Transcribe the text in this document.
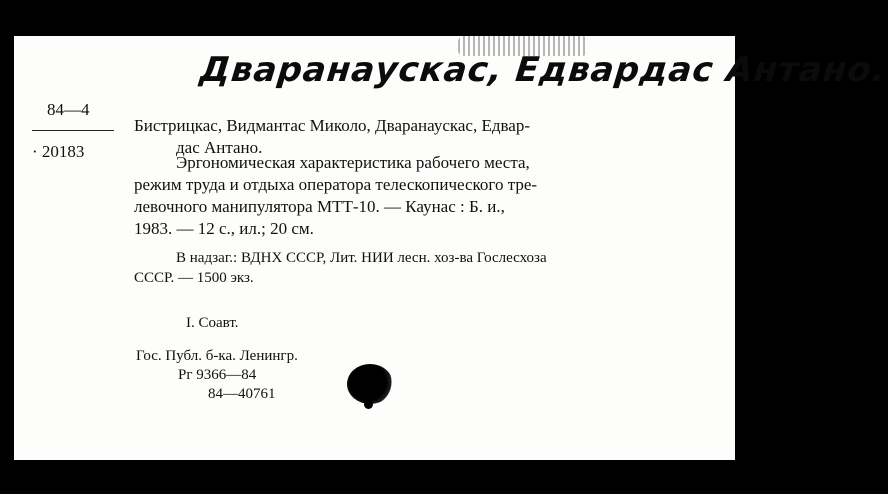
Дваранаускас, Едвардас Антано.
84—4
· 20183
Бистрицкас, Видмантас Миколо, Дваранаускас, Едвар-
дас Антано.
Эргономическая характеристика рабочего места,
режим труда и отдыха оператора телескопического тре-
левочного манипулятора МТТ-10. — Каунас : Б. и.,
1983. — 12 с., ил.; 20 см.
В надзаг.: ВДНХ СССР, Лит. НИИ лесн. хоз-ва Гослесхоза
СССР. — 1500 экз.
I. Соавт.
Гос. Публ. б-ка. Ленингр.
Рг 9366—84
84—40761
